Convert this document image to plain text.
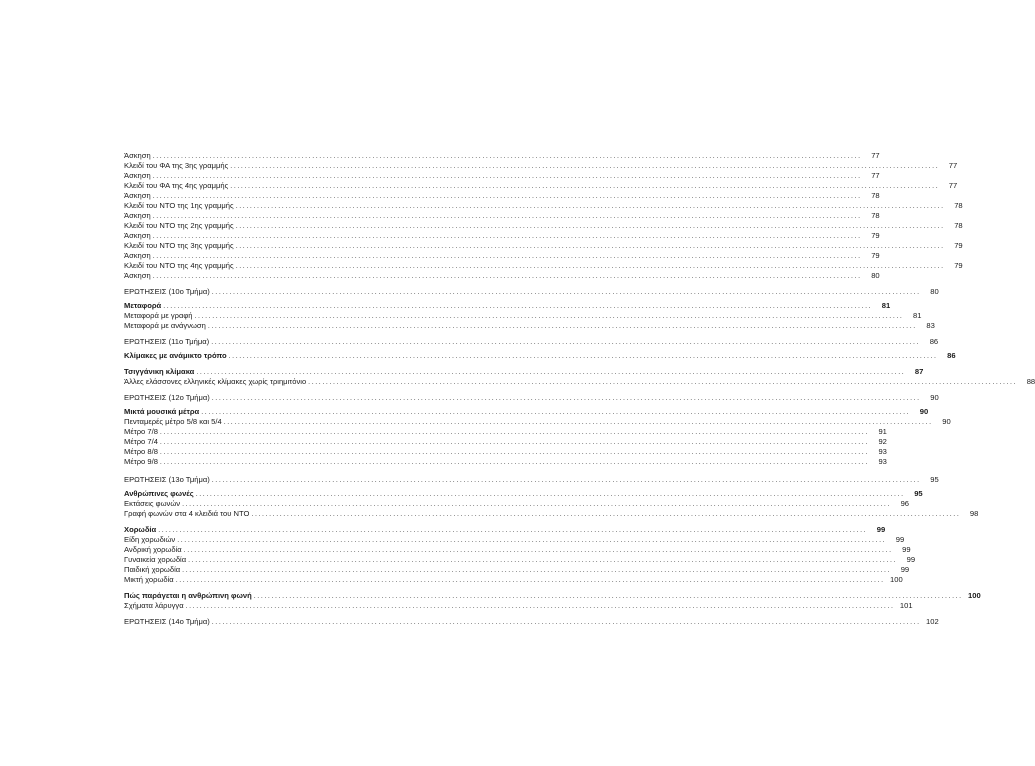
Άσκηση ........................................................................................................................................................................................................	77
Κλειδί του ΦΑ της 3ης γραμμής ........................................................................................................................................................................................................	77
Άσκηση ........................................................................................................................................................................................................	77
Κλειδί του ΦΑ της 4ης γραμμής ........................................................................................................................................................................................................	77
Άσκηση ........................................................................................................................................................................................................	78
Κλειδί του ΝΤΟ της 1ης γραμμής ........................................................................................................................................................................................................	78
Άσκηση ........................................................................................................................................................................................................	78
Κλειδί του ΝΤΟ της 2ης γραμμής ........................................................................................................................................................................................................	78
Άσκηση ........................................................................................................................................................................................................	79
Κλειδί του ΝΤΟ της 3ης γραμμής ........................................................................................................................................................................................................	79
Άσκηση ........................................................................................................................................................................................................	79
Κλειδί του ΝΤΟ της 4ης γραμμής ........................................................................................................................................................................................................	79
Άσκηση ........................................................................................................................................................................................................	80
ΕΡΩΤΗΣΕΙΣ (10ο Τμήμα) ........................................................................................................................................................................................................	80
Μεταφορά ........................................................................................................................................................................................................	81
Μεταφορά με γραφή ........................................................................................................................................................................................................	81
Μεταφορά με ανάγνωση ........................................................................................................................................................................................................	83
ΕΡΩΤΗΣΕΙΣ (11ο Τμήμα) ........................................................................................................................................................................................................	86
Κλίμακες με ανάμικτο τρόπο ........................................................................................................................................................................................................	86
Τσιγγάνικη κλίμακα ........................................................................................................................................................................................................	87
Άλλες ελάσσονες ελληνικές κλίμακες χωρίς τριημιτόνιο ........................................................................................................................................................................................................	88
ΕΡΩΤΗΣΕΙΣ (12ο Τμήμα) ........................................................................................................................................................................................................	90
Μικτά μουσικά μέτρα ........................................................................................................................................................................................................	90
Πενταμερές μέτρο 5/8 και 5/4 ........................................................................................................................................................................................................	90
Μέτρο 7/8 ........................................................................................................................................................................................................	91
Μέτρο 7/4 ........................................................................................................................................................................................................	92
Μέτρο 8/8 ........................................................................................................................................................................................................	93
Μέτρο 9/8 ........................................................................................................................................................................................................	93
ΕΡΩΤΗΣΕΙΣ (13ο Τμήμα) ........................................................................................................................................................................................................	95
Ανθρώπινες φωνές ........................................................................................................................................................................................................	95
Εκτάσεις φωνών ........................................................................................................................................................................................................	96
Γραφή φωνών στα 4 κλειδιά του ΝΤΟ ........................................................................................................................................................................................................	98
Χορωδία ........................................................................................................................................................................................................	99
Είδη χορωδιών ........................................................................................................................................................................................................	99
Ανδρική χορωδία ........................................................................................................................................................................................................	99
Γυναικεία χορωδία ........................................................................................................................................................................................................	99
Παιδική χορωδία ........................................................................................................................................................................................................	99
Μικτή χορωδία ........................................................................................................................................................................................................ 100
Πώς παράγεται η ανθρώπινη φωνή ........................................................................................................................................................................................................ 100
Σχήματα λάρυγγα ........................................................................................................................................................................................................ 101
ΕΡΩΤΗΣΕΙΣ (14ο Τμήμα) ........................................................................................................................................................................................................ 102
